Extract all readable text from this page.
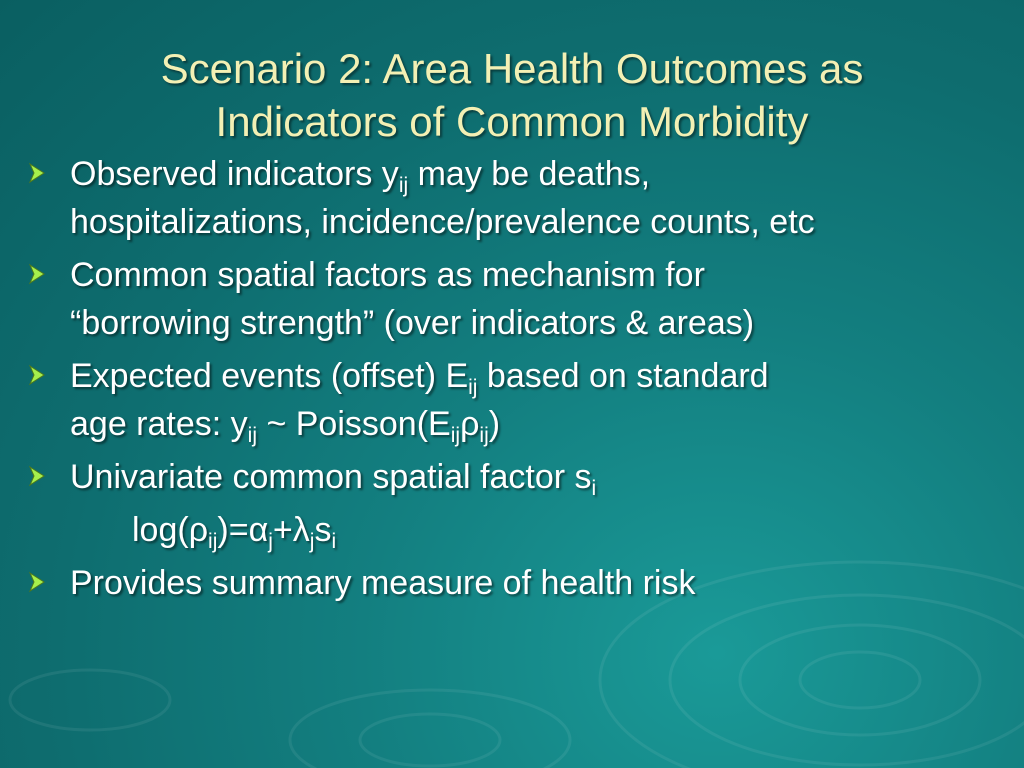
Scenario 2: Area Health Outcomes as
Indicators of Common Morbidity
Observed indicators $y_{ij}$ may be deaths,
hospitalizations, incidence/prevalence counts, etc
Common spatial factors as mechanism for
“borrowing strength” (over indicators & areas)
Expected events (offset) $E_{ij}$ based on standard
age rates: $y_{ij}$ ~ $Poisson(E_{ij}\rho_{ij})$
Univariate common spatial factor $s_i$
$\log(\rho_{ij})=\alpha_j+\lambda_js_i$
Provides summary measure of health risk
